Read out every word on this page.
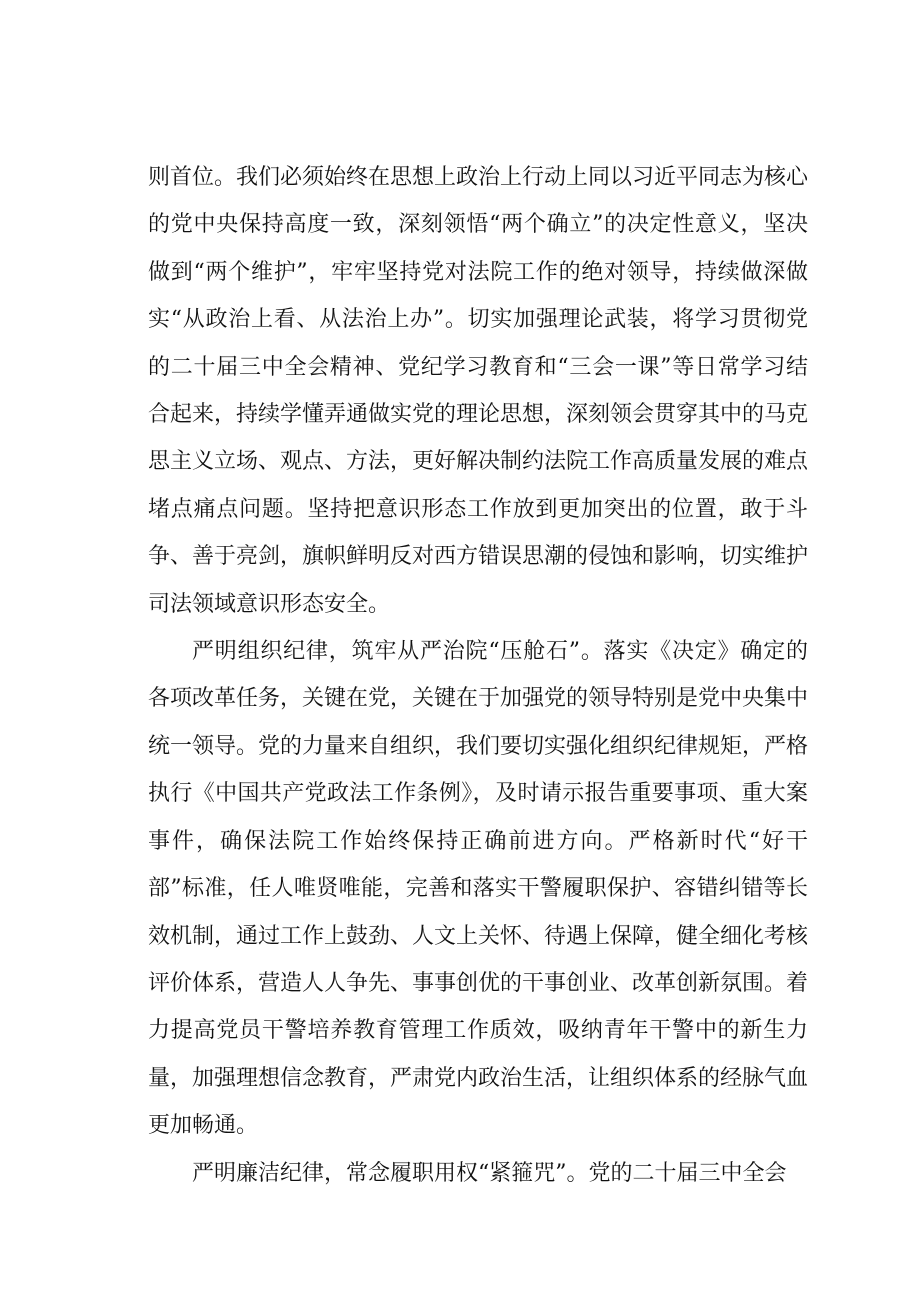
则首位。我们必须始终在思想上政治上行动上同以习近平同志为核心的党中央保持高度一致，深刻领悟“两个确立”的决定性意义，坚决做到“两个维护”，牢牢坚持党对法院工作的绝对领导，持续做深做实“从政治上看、从法治上办”。切实加强理论武装，将学习贯彻党的二十届三中全会精神、党纪学习教育和“三会一课”等日常学习结合起来，持续学懂弄通做实党的理论思想，深刻领会贯穿其中的马克思主义立场、观点、方法，更好解决制约法院工作高质量发展的难点堵点痛点问题。坚持把意识形态工作放到更加突出的位置，敢于斗争、善于亮剑，旗帜鲜明反对西方错误思潮的侵蚀和影响，切实维护司法领域意识形态安全。

严明组织纪律，筑牢从严治院“压舱石”。落实《决定》确定的各项改革任务，关键在党，关键在于加强党的领导特别是党中央集中统一领导。党的力量来自组织，我们要切实强化组织纪律规矩，严格执行《中国共产党政法工作条例》，及时请示报告重要事项、重大案事件，确保法院工作始终保持正确前进方向。严格新时代“好干部”标准，任人唯贤唯能，完善和落实干警履职保护、容错纠错等长效机制，通过工作上鼓劲、人文上关怀、待遇上保障，健全细化考核评价体系，营造人人争先、事事创优的干事创业、改革创新氛围。着力提高党员干警培养教育管理工作质效，吸纳青年干警中的新生力量，加强理想信念教育，严肃党内政治生活，让组织体系的经脉气血更加畅通。

严明廉洁纪律，常念履职用权“紧箍咒”。党的二十届三中全会
